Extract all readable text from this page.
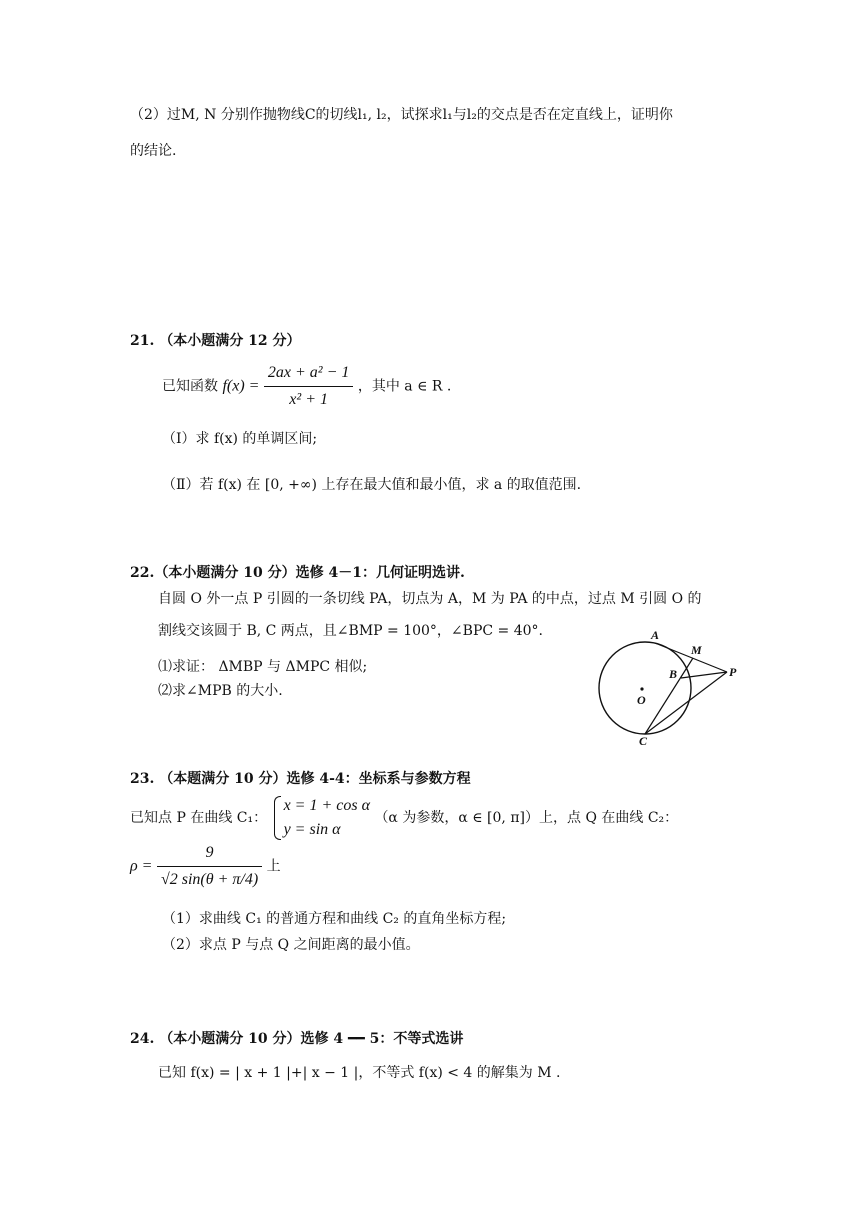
（2）过M, N 分别作抛物线C的切线l₁, l₂，试探求l₁与l₂的交点是否在定直线上，证明你
的结论.
21. （本小题满分 12 分）
已知函数 $f(x) = \frac{\text{2ax + a² − 1}}{\text{x² + 1}}$ ，其中 a ∈ R .
（Ⅰ）求 f(x) 的单调区间;
（Ⅱ）若 f(x) 在 [0, +∞) 上存在最大值和最小值，求 a 的取值范围.
22.（本小题满分 10 分）选修 4－1：几何证明选讲.
自圆 O 外一点 P 引圆的一条切线 PA，切点为 A，M 为 PA 的中点，过点 M 引圆 O 的
割线交该圆于 B, C 两点，且∠BMP = 100°，∠BPC = 40°.
⑴求证： ΔMBP 与 ΔMPC 相似;
⑵求∠MPB 的大小.
A
M
B	P
O
C
23. （本题满分 10 分）选修 4-4：坐标系与参数方程
已知点 P 在曲线 C₁：
x = 1 + cos α
y = sin α
（α 为参数，α ∈ [0, π]）上，点 Q 在曲线 C₂：
$\rho = \frac{9}{√2 \sin(\theta + \pi/4)}$ 上
（1）求曲线 C₁ 的普通方程和曲线 C₂ 的直角坐标方程;
（2）求点 P 与点 Q 之间距离的最小值。
24. （本小题满分 10 分）选修 4 ━━ 5：不等式选讲
已知 f(x) = | x + 1 |+| x − 1 |，不等式 f(x) < 4 的解集为 M .
